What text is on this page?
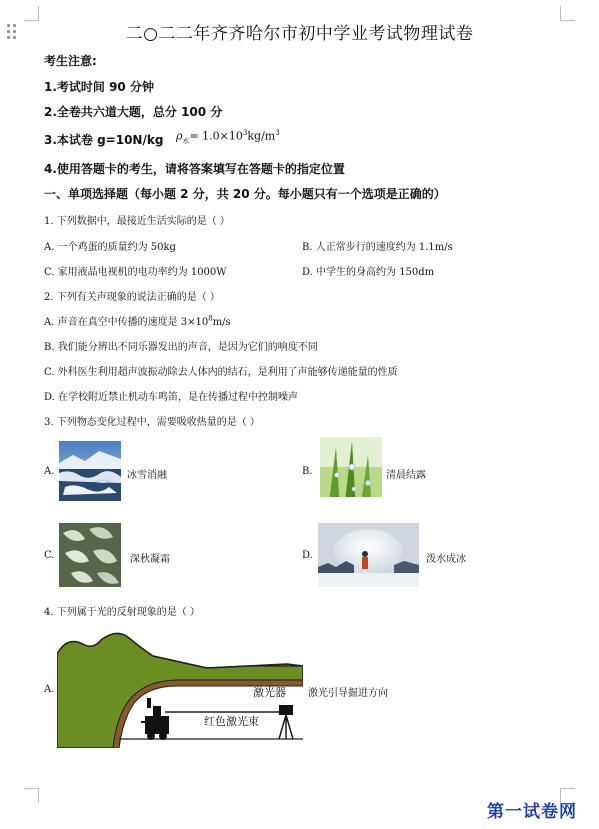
二○二二年齐齐哈尔市初中学业考试物理试卷
考生注意:
1.考试时间 90 分钟
2.全卷共六道大题，总分 100 分
3.本试卷 g=10N/kg $\rho_水= 1.0\times 10^3kg/m^3$
4.使用答题卡的考生，请将答案填写在答题卡的指定位置
一、单项选择题（每小题 2 分，共 20 分。每小题只有一个选项是正确的）
1. 下列数据中，最接近生活实际的是（ ）
A. 一个鸡蛋的质量约为 50kg	B. 人正常步行的速度约为 1.1m/s
C. 家用液晶电视机的电功率约为 1000W	D. 中学生的身高约为 150dm
2. 下列有关声现象的说法正确的是（ ）
A. 声音在真空中传播的速度是 $3\times 10^8m/s$
B. 我们能分辨出不同乐器发出的声音，是因为它们的响度不同
C. 外科医生利用超声波振动除去人体内的结石，是利用了声能够传递能量的性质
D. 在学校附近禁止机动车鸣笛，是在传播过程中控制噪声
3. 下列物态变化过程中，需要吸收热量的是（ ）
A.	冰雪消融	B.	清晨结露
C.	深秋凝霜	D.	泼水成冰
4. 下列属于光的反射现象的是（ ）
A.	激光器
红色激光束
激光引导掘进方向
第一试卷网
